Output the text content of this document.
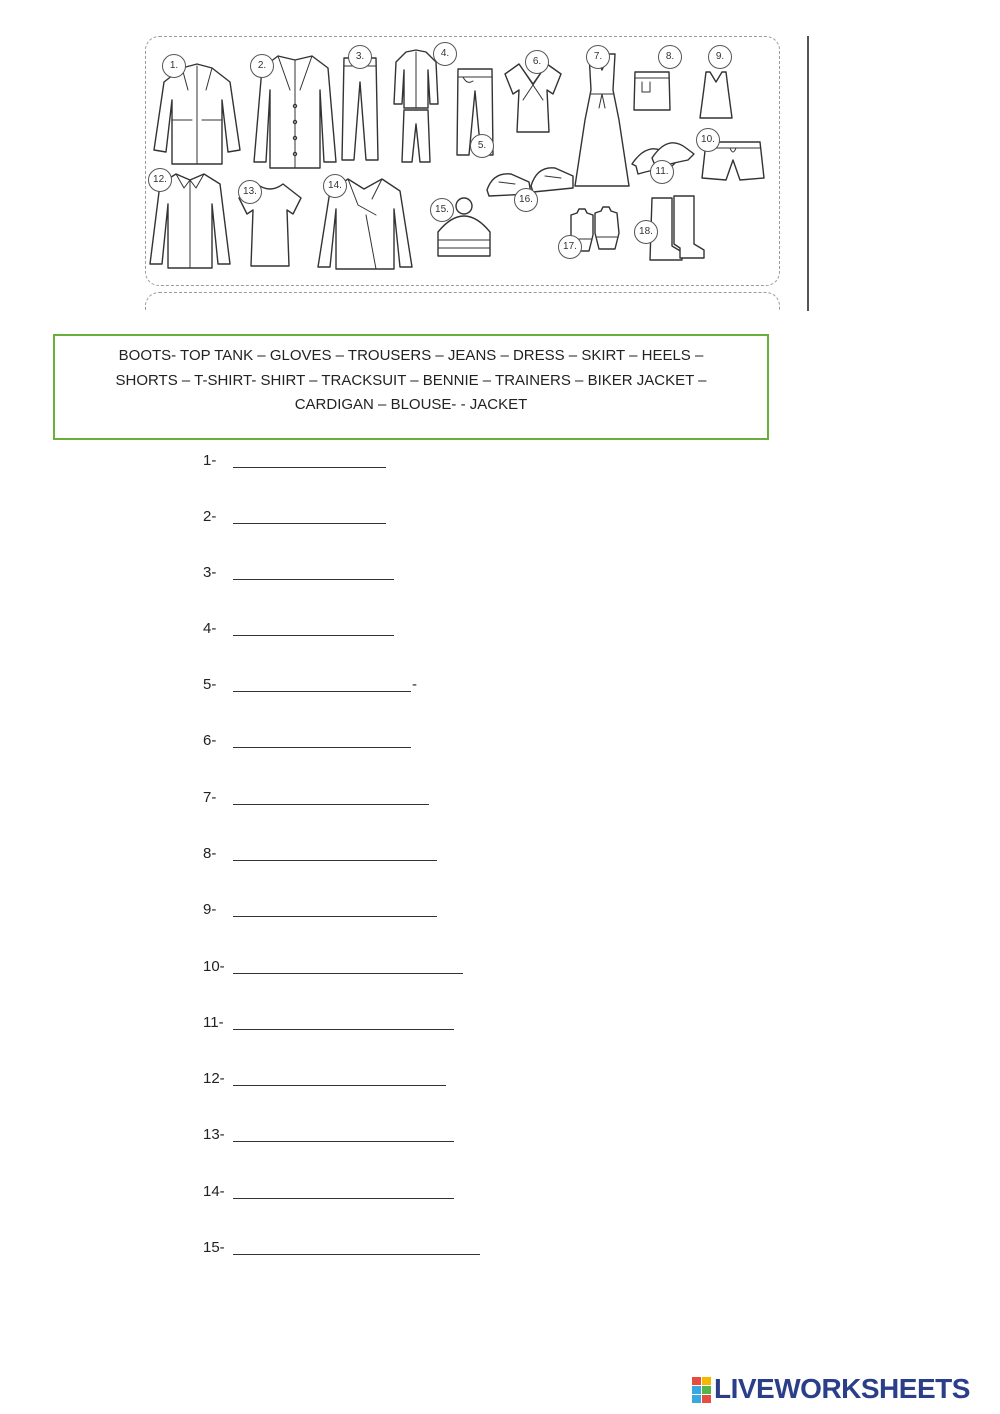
1.	2.
3.	4.
5.
6.	7.	8.	9.
10.
11.
12.
13.
14.
15.
16.
17.
18.
BOOTS- TOP TANK – GLOVES – TROUSERS – JEANS – DRESS – SKIRT – HEELS –
SHORTS – T-SHIRT- SHIRT – TRACKSUIT – BENNIE – TRAINERS – BIKER JACKET –
CARDIGAN – BLOUSE- - JACKET
1-
2-
3-
4-
5-	-
6-
7-
8-
9-
10-
11-
12-
13-
14-
15-
LIVEWORKSHEETS
